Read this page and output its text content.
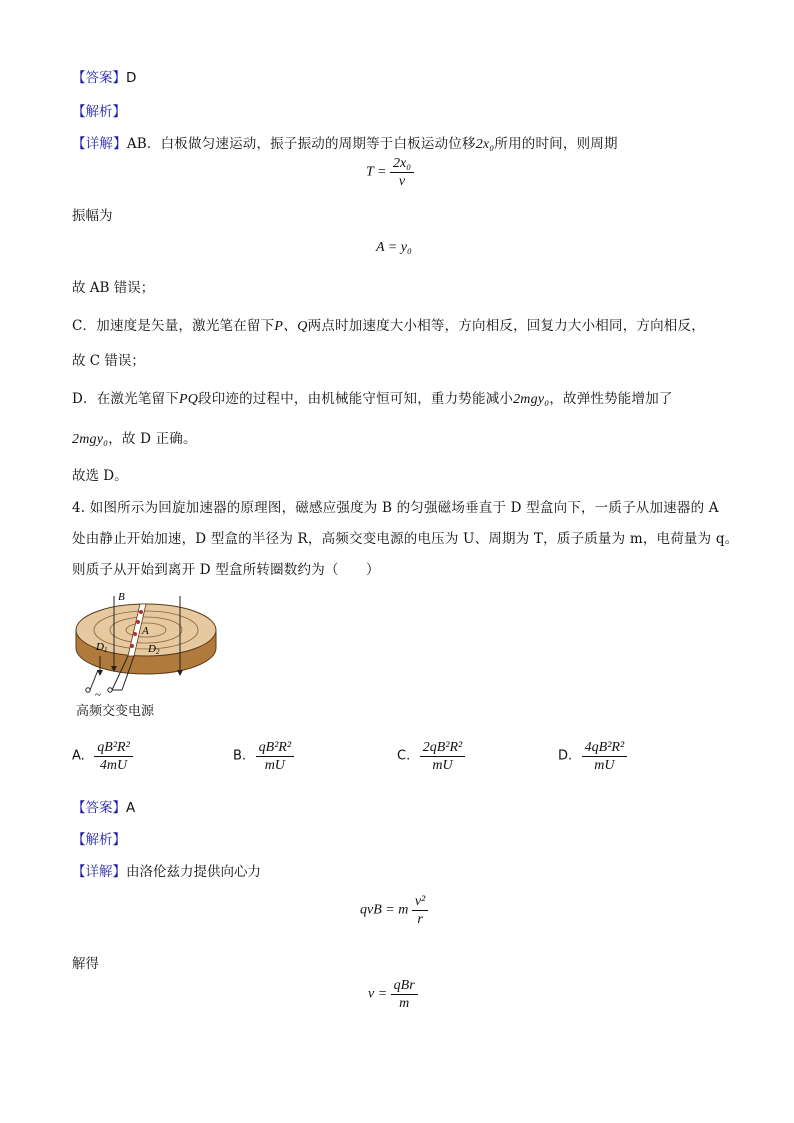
【答案】D
【解析】
【详解】AB．白板做匀速运动，振子振动的周期等于白板运动位移2x₀所用的时间，则周期
$T = \frac{\text{2x₀}}{v}$
振幅为
A = y₀
故 AB 错误；
C．加速度是矢量，激光笔在留下P、Q两点时加速度大小相等，方向相反，回复力大小相同，方向相反，
故 C 错误；
D．在激光笔留下PQ段印迹的过程中，由机械能守恒可知，重力势能减小2mgy₀，故弹性势能增加了
2mgy₀，故 D 正确。
故选 D。
4. 如图所示为回旋加速器的原理图，磁感应强度为 B 的匀强磁场垂直于 D 型盒向下，一质子从加速器的 A
处由静止开始加速，D 型盒的半径为 R，高频交变电源的电压为 U、周期为 T，质子质量为 m，电荷量为 q。
则质子从开始到离开 D 型盒所转圈数约为（　　）
B
A
D1	D2
~
高频交变电源
A. $\frac{\text{qB²R²}}{4mU}$	B. $\frac{\text{qB²R²}}{mU}$	C. $\frac{\text{2qB²R²}}{mU}$	D. $\frac{\text{4qB²R²}}{mU}$
【答案】A
【解析】
【详解】由洛伦兹力提供向心力
qvB = m $\frac{\text{v²}}{r}$
解得
$v = \frac{\text{qBr}}{m}$
